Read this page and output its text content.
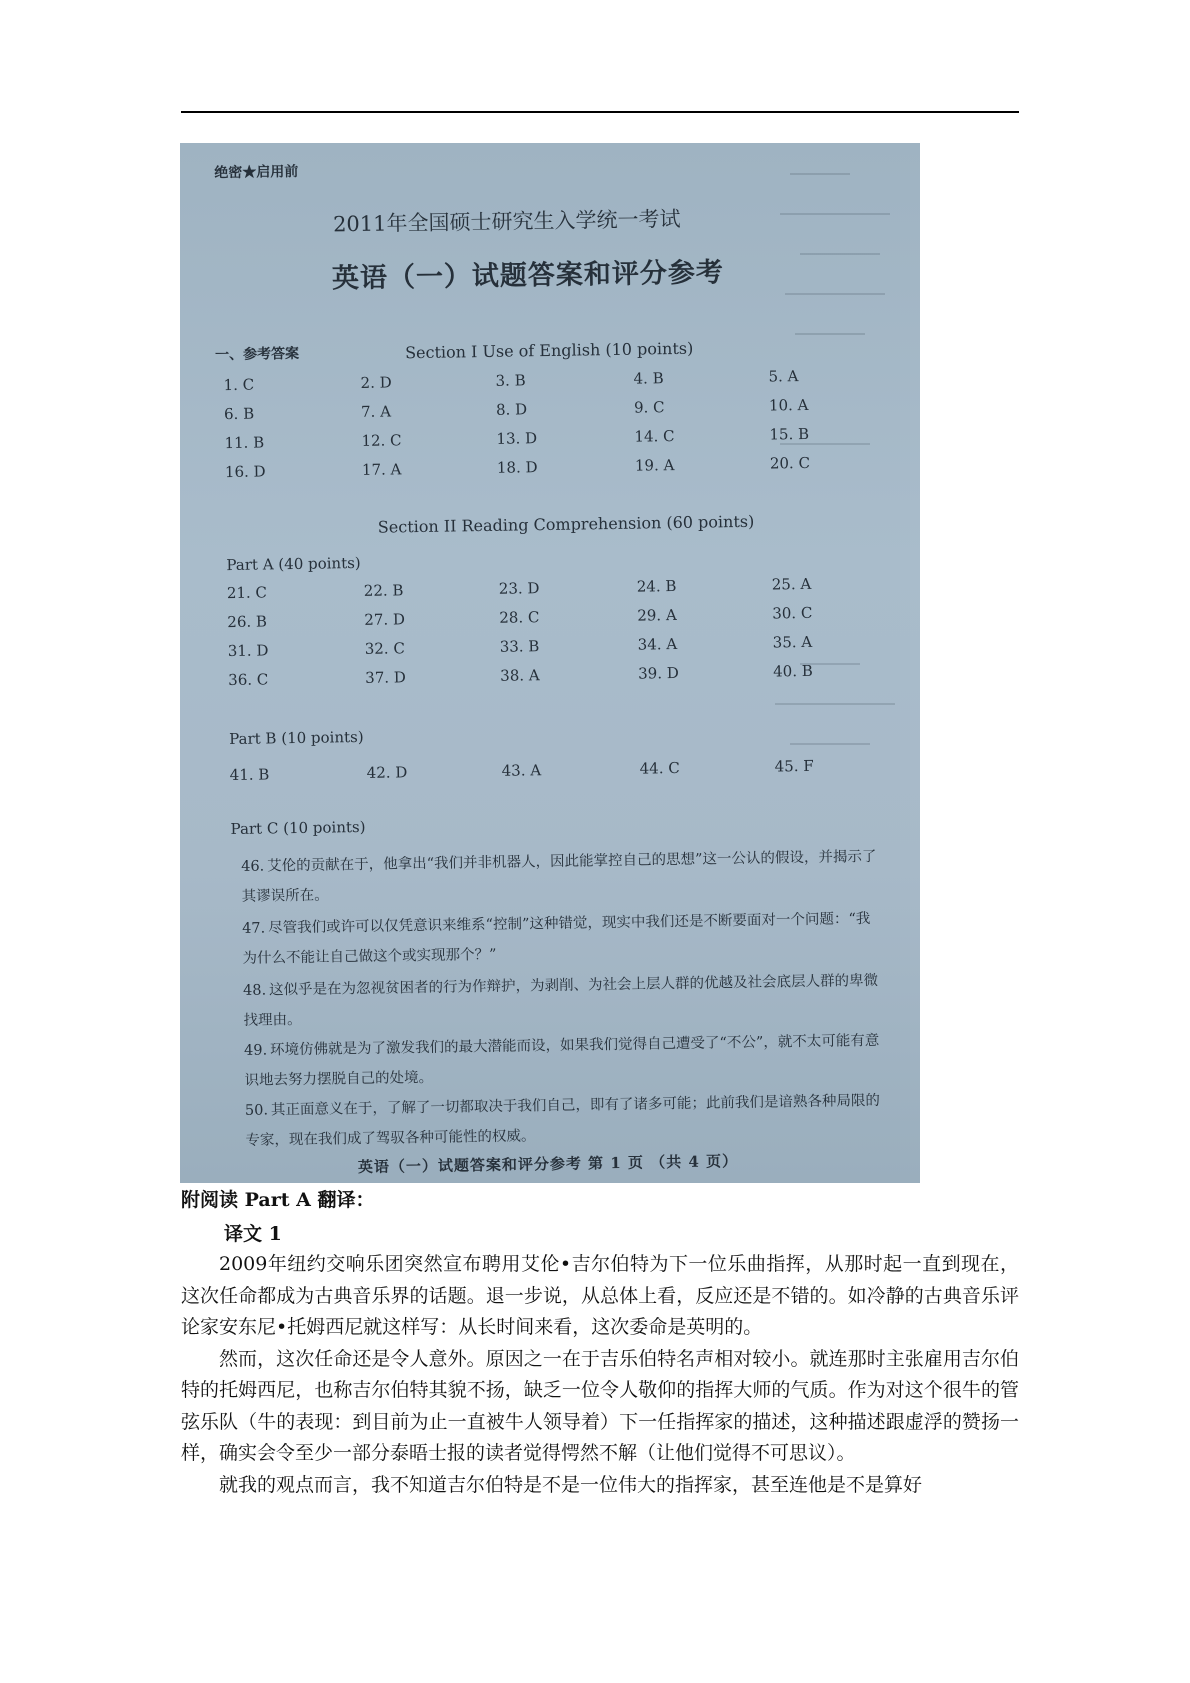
绝密★启用前
2011年全国硕士研究生入学统一考试
英语（一）试题答案和评分参考
一、参考答案	Section I Use of English (10 points)
1. C	2. D	3. B	4. B	5. A
6. B	7. A	8. D	9. C	10. A
11. B	12. C	13. D	14. C	15. B
16. D	17. A	18. D	19. A	20. C
Section II Reading Comprehension (60 points)
Part A (40 points)
21. C	22. B	23. D	24. B	25. A
26. B	27. D	28. C	29. A	30. C
31. D	32. C	33. B	34. A	35. A
36. C	37. D	38. A	39. D	40. B
Part B (10 points)
41. B	42. D	43. A	44. C	45. F
Part C (10 points)
46. 艾伦的贡献在于，他拿出“我们并非机器人，因此能掌控自己的思想”这一公认的假设，并揭示了其谬误所在。
47. 尽管我们或许可以仅凭意识来维系“控制”这种错觉，现实中我们还是不断要面对一个问题：“我为什么不能让自己做这个或实现那个？”
48. 这似乎是在为忽视贫困者的行为作辩护，为剥削、为社会上层人群的优越及社会底层人群的卑微找理由。
49. 环境仿佛就是为了激发我们的最大潜能而设，如果我们觉得自己遭受了“不公”，就不太可能有意识地去努力摆脱自己的处境。
50. 其正面意义在于，了解了一切都取决于我们自己，即有了诸多可能；此前我们是谙熟各种局限的专家，现在我们成了驾驭各种可能性的权威。
英语（一）试题答案和评分参考 第 1 页 （共 4 页）
附阅读 Part A 翻译：
译文 1

2009年纽约交响乐团突然宣布聘用艾伦•吉尔伯特为下一位乐曲指挥，从那时起一直到现在，这次任命都成为古典音乐界的话题。退一步说，从总体上看，反应还是不错的。如冷静的古典音乐评论家安东尼•托姆西尼就这样写：从长时间来看，这次委命是英明的。

然而，这次任命还是令人意外。原因之一在于吉乐伯特名声相对较小。就连那时主张雇用吉尔伯特的托姆西尼，也称吉尔伯特其貌不扬，缺乏一位令人敬仰的指挥大师的气质。作为对这个很牛的管弦乐队（牛的表现：到目前为止一直被牛人领导着）下一任指挥家的描述，这种描述跟虚浮的赞扬一样，确实会令至少一部分泰晤士报的读者觉得愕然不解（让他们觉得不可思议）。

就我的观点而言，我不知道吉尔伯特是不是一位伟大的指挥家，甚至连他是不是算好
